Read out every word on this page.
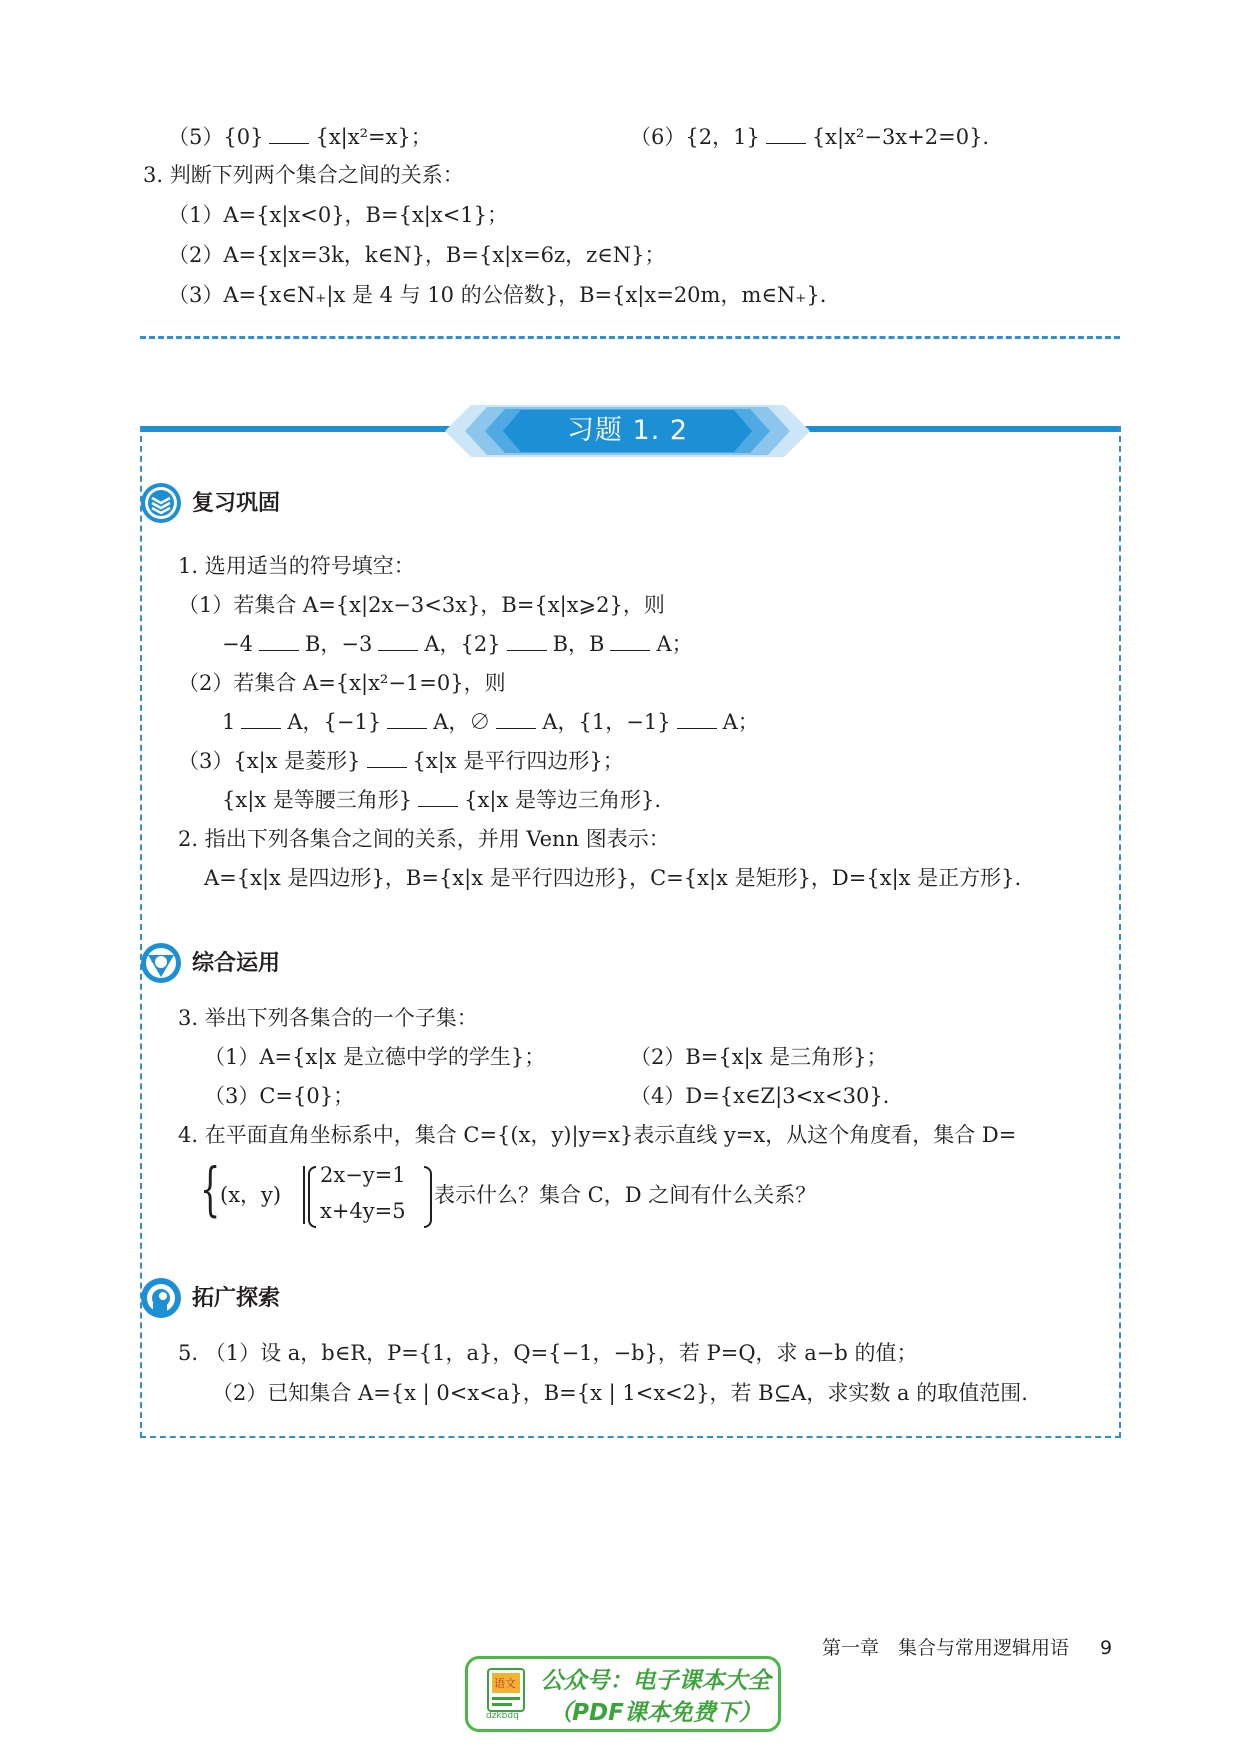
（5）{0} {x|x²=x}；	（6）{2，1} {x|x²−3x+2=0}.
3. 判断下列两个集合之间的关系：
（1）A={x|x<0}，B={x|x<1}；
（2）A={x|x=3k，k∈N}，B={x|x=6z，z∈N}；
（3）A={x∈N₊|x 是 4 与 10 的公倍数}，B={x|x=20m，m∈N₊}.
习题 1. 2
复习巩固
1. 选用适当的符号填空：
（1）若集合 A={x|2x−3<3x}，B={x|x⩾2}，则
−4 B，−3 A，{2} B，B A；
（2）若集合 A={x|x²−1=0}，则
1 A，{−1} A，∅ A，{1，−1} A；
（3）{x|x 是菱形} {x|x 是平行四边形}；
{x|x 是等腰三角形} {x|x 是等边三角形}.
2. 指出下列各集合之间的关系，并用 Venn 图表示：
A={x|x 是四边形}，B={x|x 是平行四边形}，C={x|x 是矩形}，D={x|x 是正方形}.
综合运用
3. 举出下列各集合的一个子集：
（1）A={x|x 是立德中学的学生}；	（2）B={x|x 是三角形}；
（3）C={0}；	（4）D={x∈Z|3<x<30}.
4. 在平面直角坐标系中，集合 C={(x，y)|y=x}表示直线 y=x，从这个角度看，集合 D=
{ (x，y)
2x−y=1
x+4y=5
表示什么？集合 C，D 之间有什么关系？
拓广探索
5. （1）设 a，b∈R，P={1，a}，Q={−1，−b}，若 P=Q，求 a−b 的值；
（2）已知集合 A={x | 0<x<a}，B={x | 1<x<2}，若 B⊆A，求实数 a 的取值范围.
第一章　集合与常用逻辑用语 9
语文
dzkbdq
公众号：电子课本大全
（PDF课本免费下）
